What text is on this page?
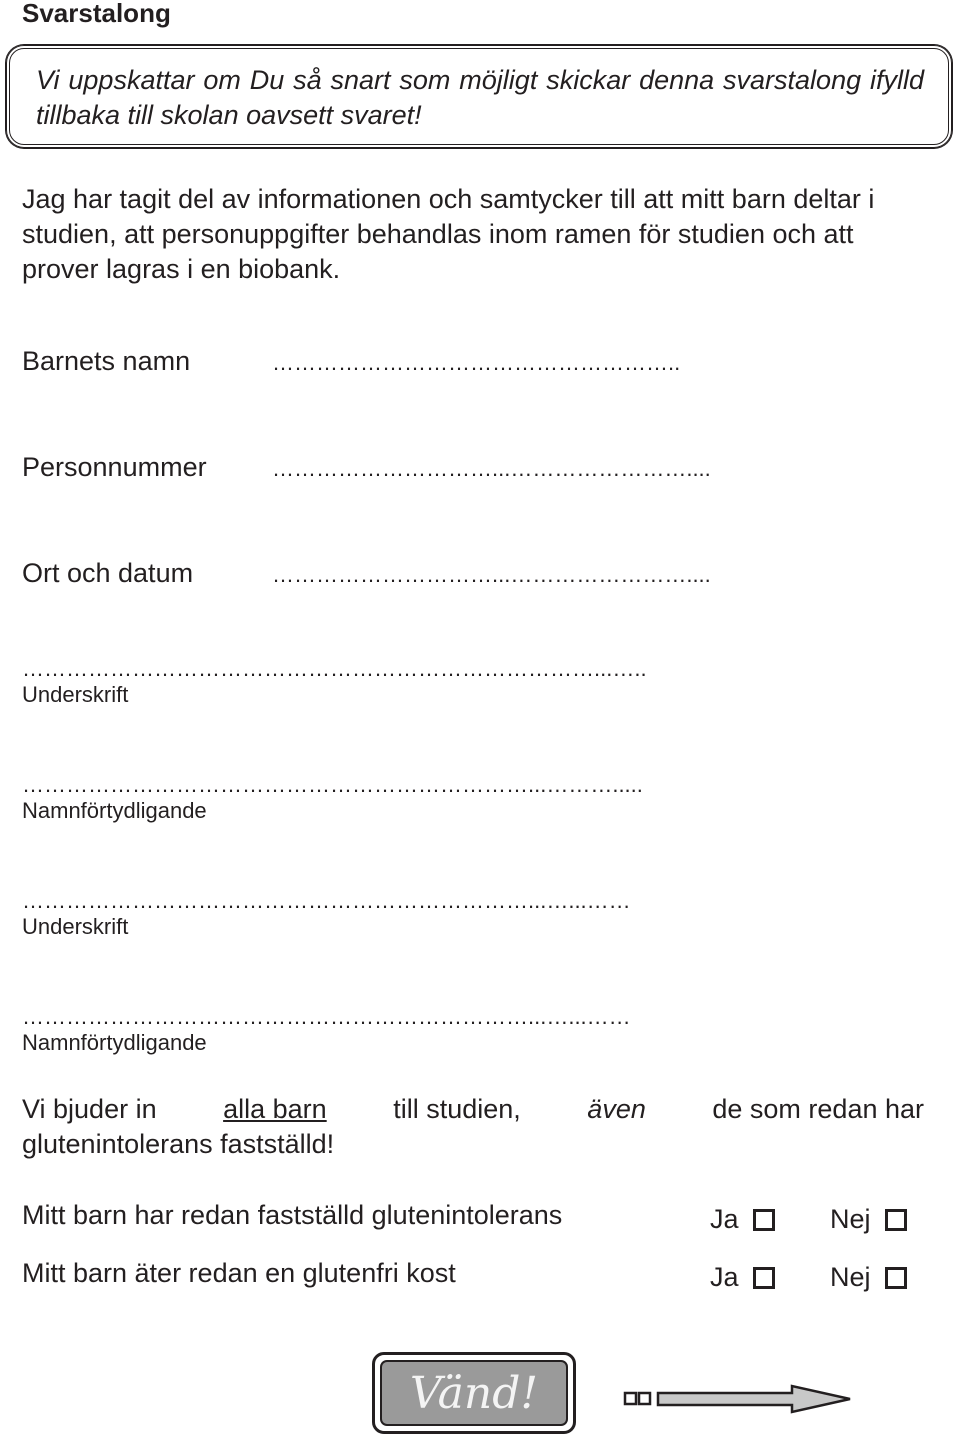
Svarstalong
Vi uppskattar om Du så snart som möjligt skickar denna svarstalong ifylld tillbaka till skolan oavsett svaret!
Jag har tagit del av informationen och samtycker till att mitt barn deltar i studien, att personuppgifter behandlas inom ramen för studien och att prover lagras i en biobank.
Barnets namn	………………………………………………..
Personnummer	…………………………...……………………....
Ort och datum	…………………………...……………………....
……………………………………………………………………...…..
Underskrift
……………………………………………………………...……….....
Namnförtydligande
……………………………………………………………...…...……
Underskrift
……………………………………………………………...…...……
Namnförtydligande
Vi bjuder in alla barn till studien, även de som redan har
glutenintolerans fastställd!
Mitt barn har redan fastställd glutenintolerans	Ja	Nej
Mitt barn äter redan en glutenfri kost	Ja	Nej
Vänd!
